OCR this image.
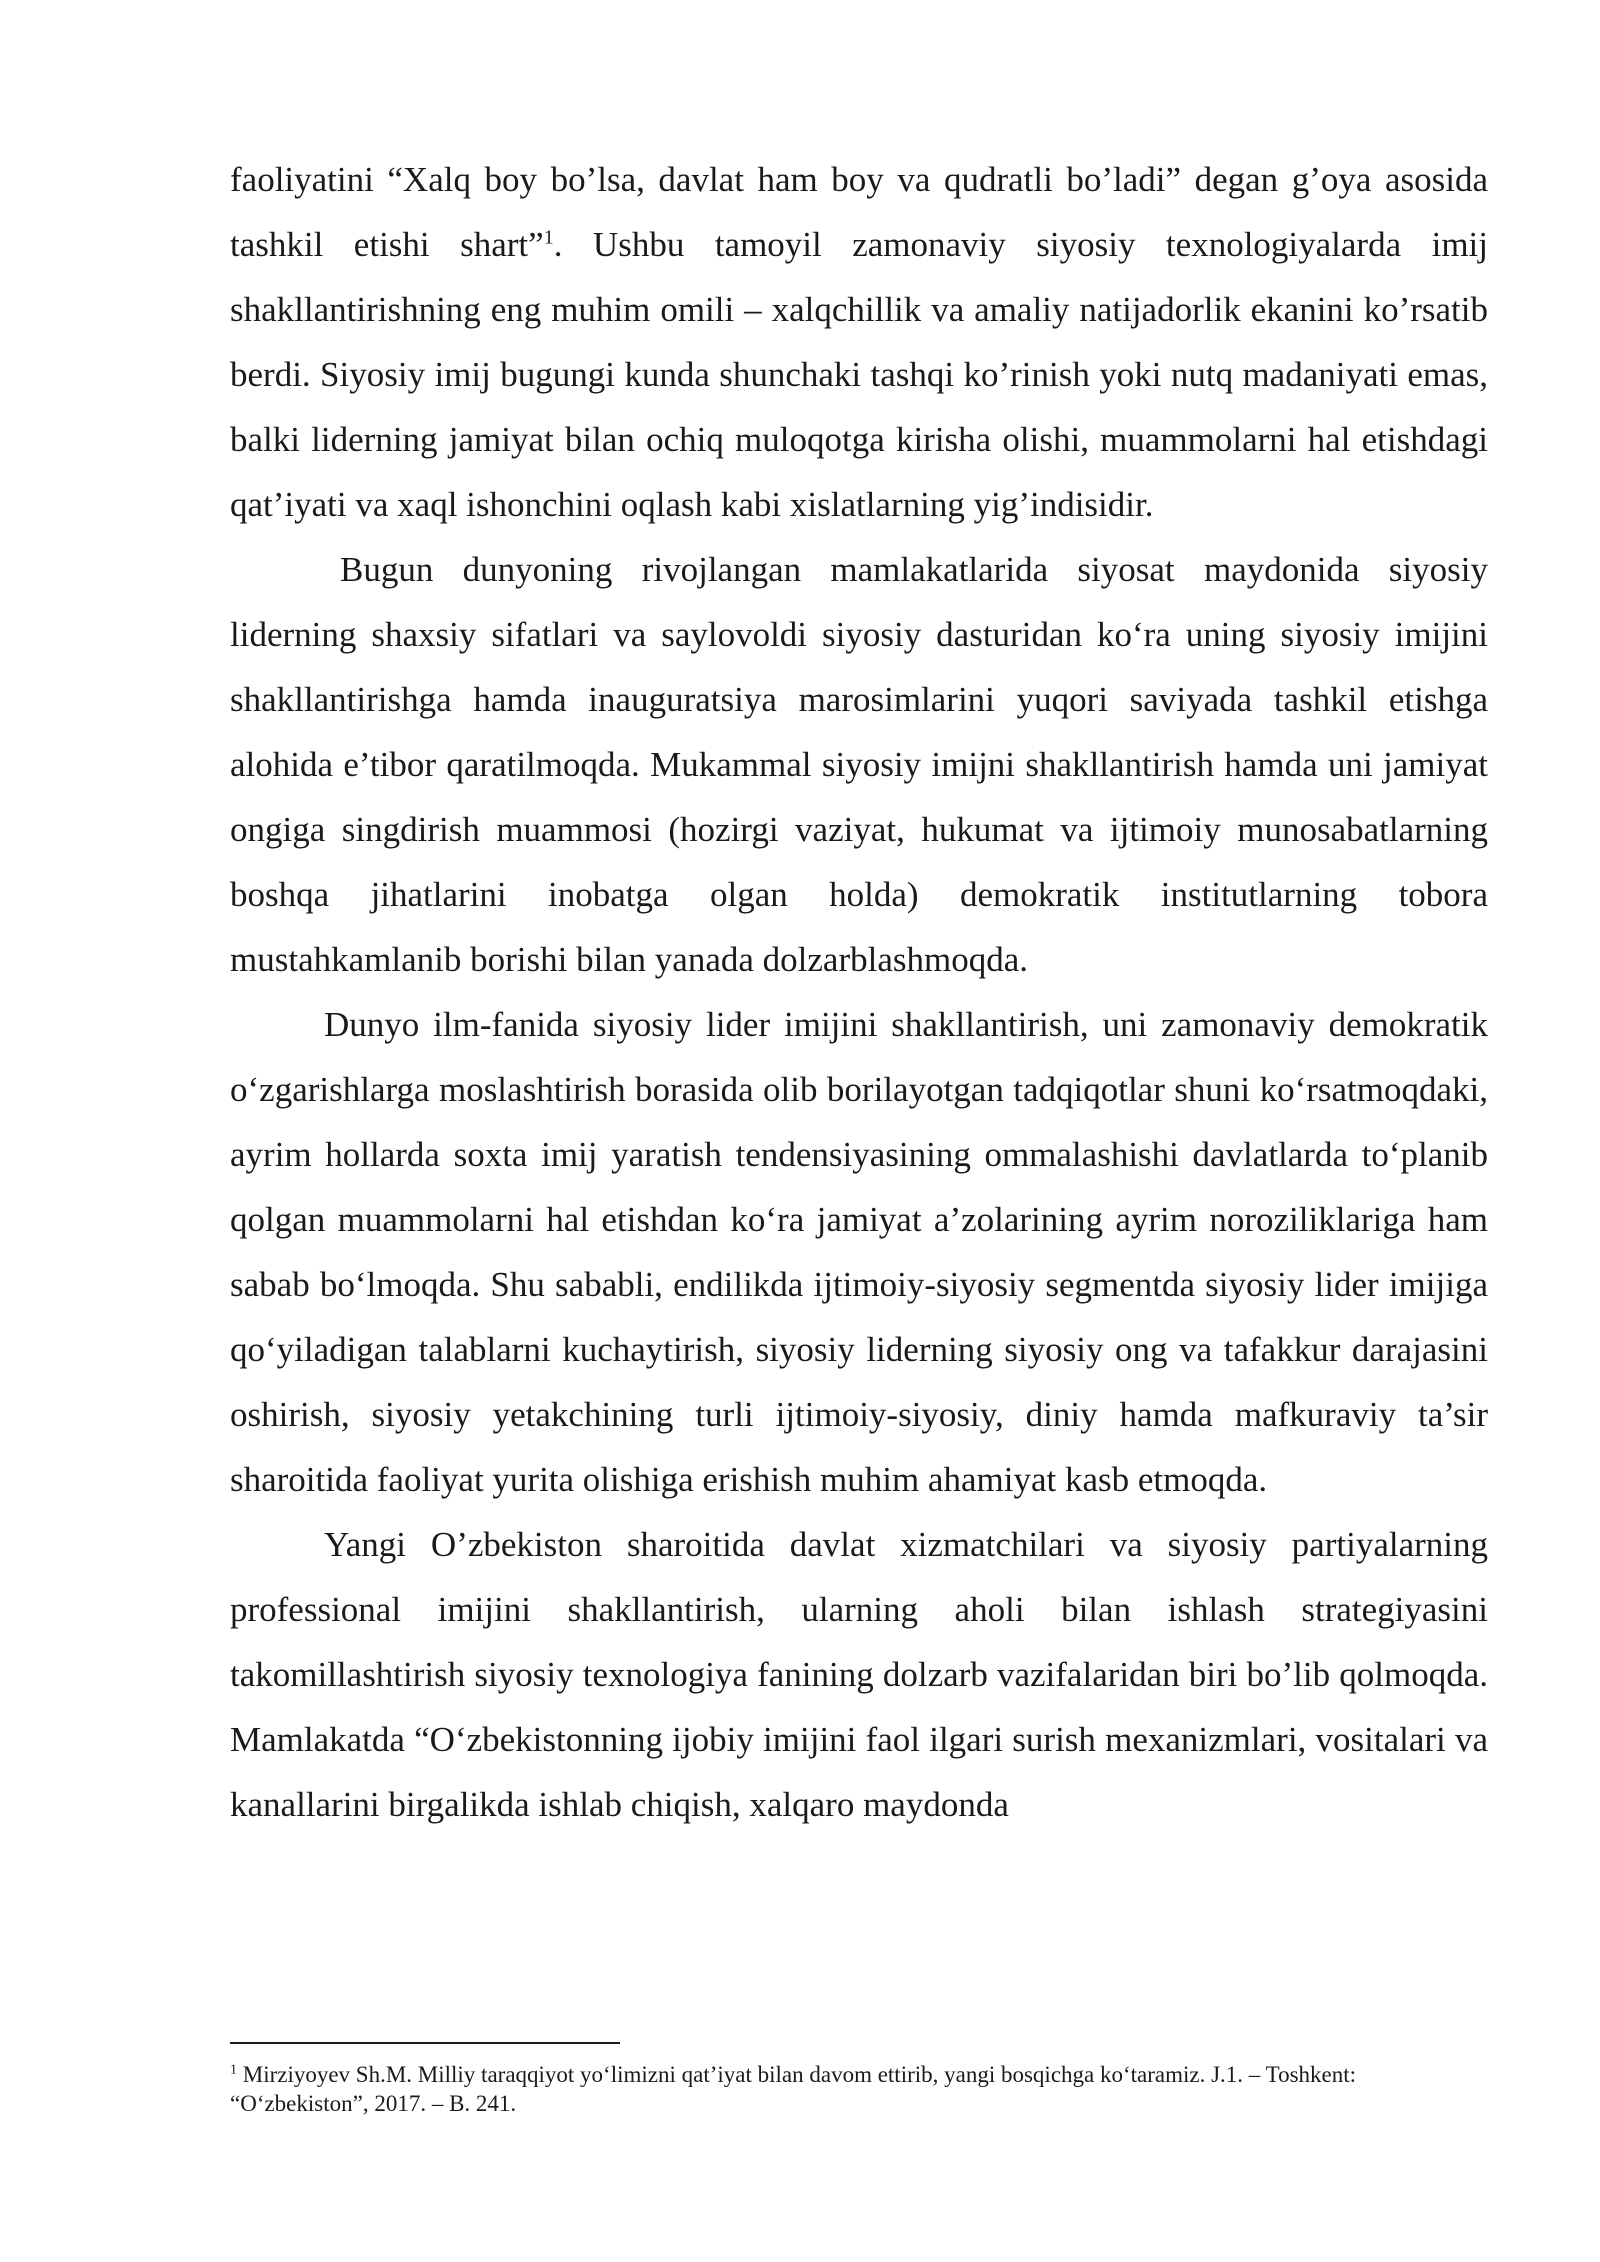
faoliyatini “Xalq boy bo’lsa, davlat ham boy va qudratli bo’ladi” degan g’oya asosida tashkil etishi shart”$^1$. Ushbu tamoyil zamonaviy siyosiy texnologiyalarda imij shakllantirishning eng muhim omili – xalqchillik va amaliy natijadorlik ekanini ko’rsatib berdi. Siyosiy imij bugungi kunda shunchaki tashqi ko’rinish yoki nutq madaniyati emas, balki liderning jamiyat bilan ochiq muloqotga kirisha olishi, muammolarni hal etishdagi qat’iyati va xaql ishonchini oqlash kabi xislatlarning yig’indisidir.

Bugun dunyoning rivojlangan mamlakatlarida siyosat maydonida siyosiy liderning shaxsiy sifatlari va saylovoldi siyosiy dasturidan ko‘ra uning siyosiy imijini shakllantirishga hamda inauguratsiya marosimlarini yuqori saviyada tashkil etishga alohida e’tibor qaratilmoqda. Mukammal siyosiy imijni shakllantirish hamda uni jamiyat ongiga singdirish muammosi (hozirgi vaziyat, hukumat va ijtimoiy munosabatlarning boshqa jihatlarini inobatga olgan holda) demokratik institutlarning tobora mustahkamlanib borishi bilan yanada dolzarblashmoqda.

Dunyo ilm-fanida siyosiy lider imijini shakllantirish, uni zamonaviy demokratik o‘zgarishlarga moslashtirish borasida olib borilayotgan tadqiqotlar shuni ko‘rsatmoqdaki, ayrim hollarda soxta imij yaratish tendensiyasining ommalashishi davlatlarda to‘planib qolgan muammolarni hal etishdan ko‘ra jamiyat a’zolarining ayrim noroziliklariga ham sabab bo‘lmoqda. Shu sababli, endilikda ijtimoiy-siyosiy segmentda siyosiy lider imijiga qo‘yiladigan talablarni kuchaytirish, siyosiy liderning siyosiy ong va tafakkur darajasini oshirish, siyosiy yetakchining turli ijtimoiy-siyosiy, diniy hamda mafkuraviy ta’sir sharoitida faoliyat yurita olishiga erishish muhim ahamiyat kasb etmoqda.

Yangi O’zbekiston sharoitida davlat xizmatchilari va siyosiy partiyalarning professional imijini shakllantirish, ularning aholi bilan ishlash strategiyasini takomillashtirish siyosiy texnologiya fanining dolzarb vazifalaridan biri bo’lib qolmoqda. Mamlakatda “O‘zbekistonning ijobiy imijini faol ilgari surish mexanizmlari, vositalari va kanallarini birgalikda ishlab chiqish, xalqaro maydonda

$^1$ Mirziyoyev Sh.M. Milliy taraqqiyot yo‘limizni qat’iyat bilan davom ettirib, yangi bosqichga ko‘taramiz. J.1. – Toshkent: “O‘zbekiston”, 2017. – B. 241.
